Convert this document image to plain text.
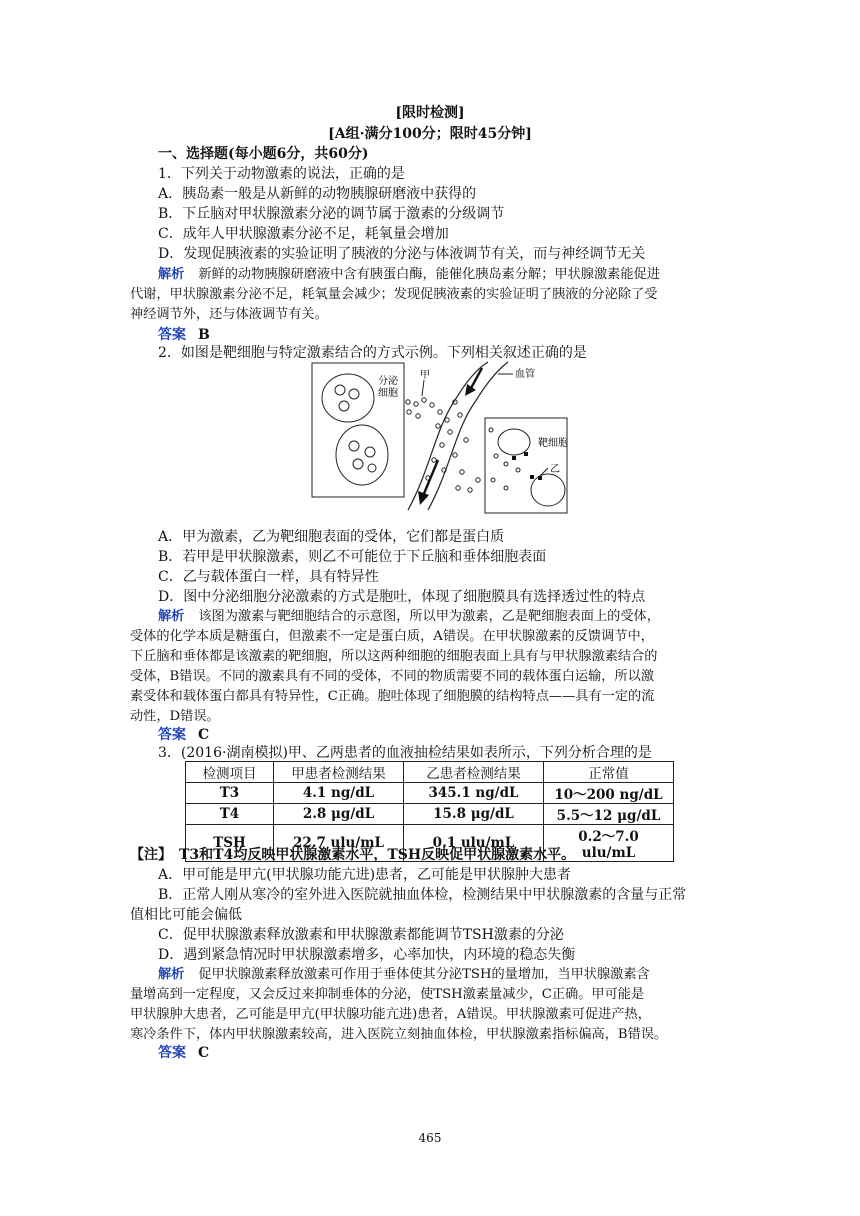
[限时检测]
[A组·满分100分；限时45分钟]
一、选择题(每小题6分，共60分)
1．下列关于动物激素的说法，正确的是
A．胰岛素一般是从新鲜的动物胰腺研磨液中获得的
B．下丘脑对甲状腺激素分泌的调节属于激素的分级调节
C．成年人甲状腺激素分泌不足，耗氧量会增加
D．发现促胰液素的实验证明了胰液的分泌与体液调节有关，而与神经调节无关
解析 新鲜的动物胰腺研磨液中含有胰蛋白酶，能催化胰岛素分解；甲状腺激素能促进
代谢，甲状腺激素分泌不足，耗氧量会减少；发现促胰液素的实验证明了胰液的分泌除了受
神经调节外，还与体液调节有关。
答案 B
2．如图是靶细胞与特定激素结合的方式示例。下列相关叙述正确的是
分泌
细胞
甲	血管
靶细胞
乙
A．甲为激素，乙为靶细胞表面的受体，它们都是蛋白质
B．若甲是甲状腺激素，则乙不可能位于下丘脑和垂体细胞表面
C．乙与载体蛋白一样，具有特异性
D．图中分泌细胞分泌激素的方式是胞吐，体现了细胞膜具有选择透过性的特点
解析 该图为激素与靶细胞结合的示意图，所以甲为激素，乙是靶细胞表面上的受体，
受体的化学本质是糖蛋白，但激素不一定是蛋白质，A错误。在甲状腺激素的反馈调节中，
下丘脑和垂体都是该激素的靶细胞，所以这两种细胞的细胞表面上具有与甲状腺激素结合的
受体，B错误。不同的激素具有不同的受体，不同的物质需要不同的载体蛋白运输，所以激
素受体和载体蛋白都具有特异性，C正确。胞吐体现了细胞膜的结构特点——具有一定的流
动性，D错误。
答案 C
3．(2016·湖南模拟)甲、乙两患者的血液抽检结果如表所示，下列分析合理的是
检测项目	甲患者检测结果	乙患者检测结果	正常值
T3	4.1 ng/dL	345.1 ng/dL	10～200 ng/dL
T4	2.8 μg/dL	15.8 μg/dL	5.5～12 μg/dL
TSH	22.7 ulu/mL	0.1 ulu/mL	0.2～7.0 ulu/mL
【注】　T3和T4均反映甲状腺激素水平，TSH反映促甲状腺激素水平。
A．甲可能是甲亢(甲状腺功能亢进)患者，乙可能是甲状腺肿大患者
B．正常人刚从寒冷的室外进入医院就抽血体检，检测结果中甲状腺激素的含量与正常
值相比可能会偏低
C．促甲状腺激素释放激素和甲状腺激素都能调节TSH激素的分泌
D．遇到紧急情况时甲状腺激素增多，心率加快，内环境的稳态失衡
解析 促甲状腺激素释放激素可作用于垂体使其分泌TSH的量增加，当甲状腺激素含
量增高到一定程度，又会反过来抑制垂体的分泌，使TSH激素量减少，C正确。甲可能是
甲状腺肿大患者，乙可能是甲亢(甲状腺功能亢进)患者，A错误。甲状腺激素可促进产热，
寒冷条件下，体内甲状腺激素较高，进入医院立刻抽血体检，甲状腺激素指标偏高，B错误。
答案 C
465
